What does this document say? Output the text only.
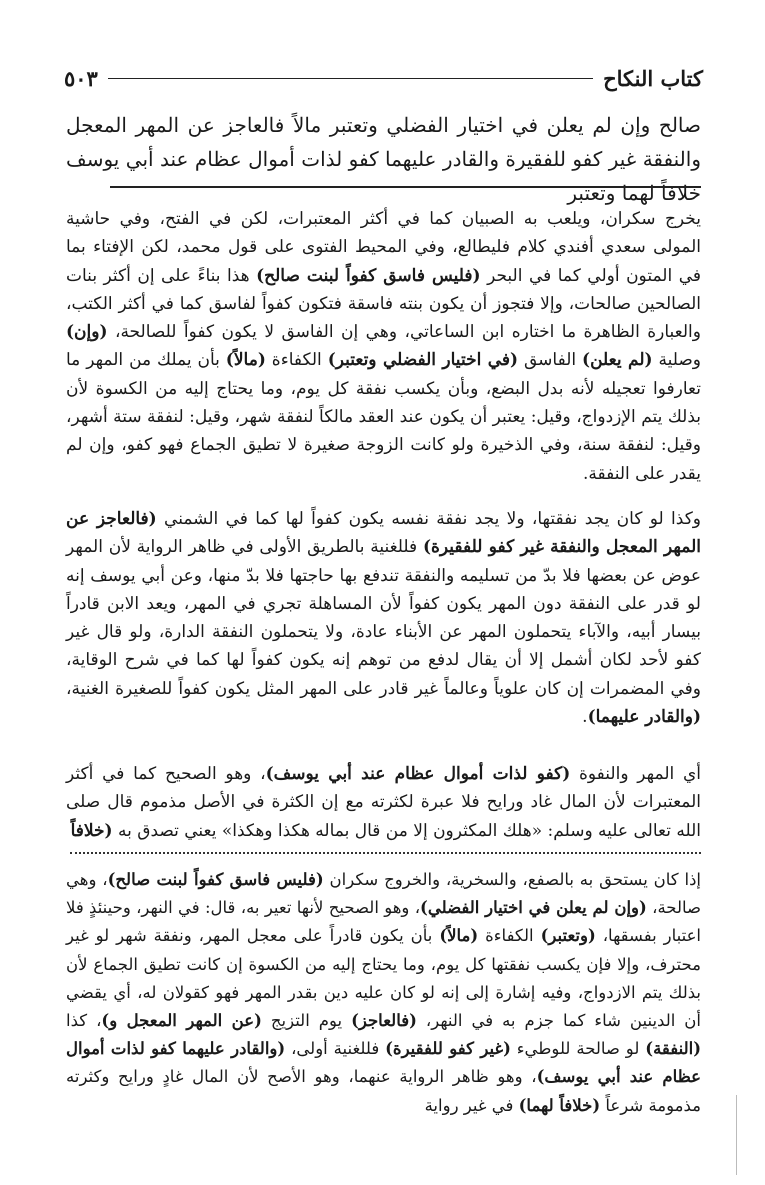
كتاب النكاح
٥٠٣
صالح وإن لم يعلن في اختيار الفضلي وتعتبر مالاً فالعاجز عن المهر المعجل والنفقة غير كفو للفقيرة والقادر عليهما كفو لذات أموال عظام عند أبي يوسف خلافاً لهما وتعتبر
يخرج سكران، ويلعب به الصبيان كما في أكثر المعتبرات، لكن في الفتح، وفي حاشية المولى سعدي أفندي كلام فليطالع، وفي المحيط الفتوى على قول محمد، لكن الإفتاء بما في المتون أولي كما في البحر (فليس فاسق كفواً لبنت صالح) هذا بناءً على إن أكثر بنات الصالحين صالحات، وإلا فتجوز أن يكون بنته فاسقة فتكون كفواً لفاسق كما في أكثر الكتب، والعبارة الظاهرة ما اختاره ابن الساعاتي، وهي إن الفاسق لا يكون كفواً للصالحة، (وإن) وصلية (لم يعلن) الفاسق (في اختيار الفضلي وتعتبر) الكفاءة (مالاً) بأن يملك من المهر ما تعارفوا تعجيله لأنه بدل البضع، وبأن يكسب نفقة كل يوم، وما يحتاج إليه من الكسوة لأن بذلك يتم الإزدواج، وقيل: يعتبر أن يكون عند العقد مالكاً لنفقة شهر، وقيل: لنفقة ستة أشهر، وقيل: لنفقة سنة، وفي الذخيرة ولو كانت الزوجة صغيرة لا تطيق الجماع فهو كفو، وإن لم يقدر على النفقة.
وكذا لو كان يجد نفقتها، ولا يجد نفقة نفسه يكون كفواً لها كما في الشمني (فالعاجز عن المهر المعجل والنفقة غير كفو للفقيرة) فللغنية بالطريق الأولى في ظاهر الرواية لأن المهر عوض عن بعضها فلا بدّ من تسليمه والنفقة تندفع بها حاجتها فلا بدّ منها، وعن أبي يوسف إنه لو قدر على النفقة دون المهر يكون كفواً لأن المساهلة تجري في المهر، ويعد الابن قادراً بيسار أبيه، والآباء يتحملون المهر عن الأبناء عادة، ولا يتحملون النفقة الدارة، ولو قال غير كفو لأحد لكان أشمل إلا أن يقال لدفع من توهم إنه يكون كفواً لها كما في شرح الوقاية، وفي المضمرات إن كان علوياً وعالماً غير قادر على المهر المثل يكون كفواً للصغيرة الغنية، (والقادر عليهما).
أي المهر والنفوة (كفو لذات أموال عظام عند أبي يوسف)، وهو الصحيح كما في أكثر المعتبرات لأن المال غاد ورايح فلا عبرة لكثرته مع إن الكثرة في الأصل مذموم قال صلى الله تعالى عليه وسلم: «هلك المكثرون إلا من قال بماله هكذا وهكذا» يعني تصدق به (خلافاً
إذا كان يستحق به بالصفع، والسخرية، والخروج سكران (فليس فاسق كفواً لبنت صالح)، وهي صالحة، (وإن لم يعلن في اختيار الفضلي)، وهو الصحيح لأنها تعير به، قال: في النهر، وحينئذٍ فلا اعتبار بفسقها، (وتعتبر) الكفاءة (مالاً) بأن يكون قادراً على معجل المهر، ونفقة شهر لو غير محترف، وإلا فإن يكسب نفقتها كل يوم، وما يحتاج إليه من الكسوة إن كانت تطيق الجماع لأن بذلك يتم الازدواج، وفيه إشارة إلى إنه لو كان عليه دين بقدر المهر فهو كقولان له، أي يقضي أن الدينين شاء كما جزم به في النهر، (فالعاجز) يوم التزيج (عن المهر المعجل و)، كذا (النفقة) لو صالحة للوطيء (غير كفو للفقيرة) فللغنية أولى، (والقادر عليهما كفو لذات أموال عظام عند أبي يوسف)، وهو ظاهر الرواية عنهما، وهو الأصح لأن المال غادٍ ورايح وكثرته مذمومة شرعاً (خلافاً لهما) في غير رواية
